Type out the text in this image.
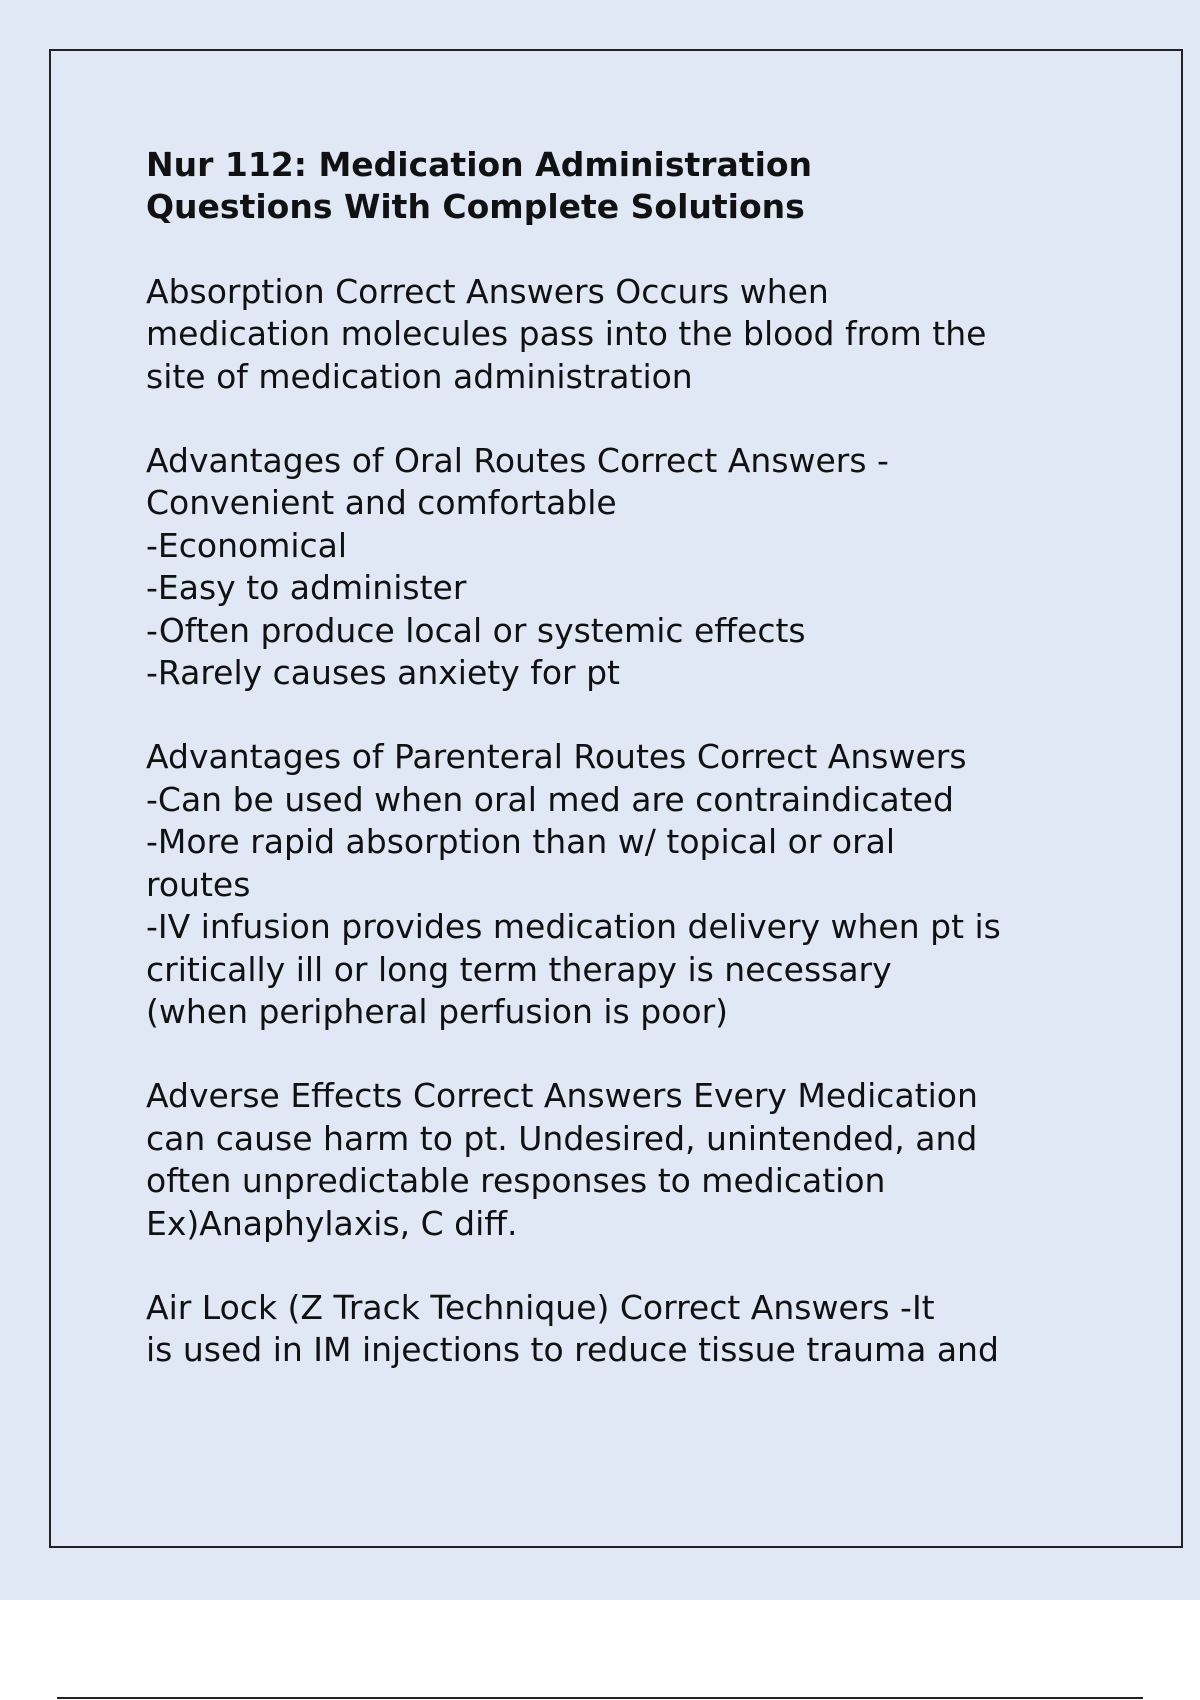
Nur 112: Medication Administration
Questions With Complete Solutions
Absorption Correct Answers Occurs when
medication molecules pass into the blood from the
site of medication administration
Advantages of Oral Routes Correct Answers -
Convenient and comfortable
-Economical
-Easy to administer
-Often produce local or systemic effects
-Rarely causes anxiety for pt
Advantages of Parenteral Routes Correct Answers
-Can be used when oral med are contraindicated
-More rapid absorption than w/ topical or oral
routes
-IV infusion provides medication delivery when pt is
critically ill or long term therapy is necessary
(when peripheral perfusion is poor)
Adverse Effects Correct Answers Every Medication
can cause harm to pt. Undesired, unintended, and
often unpredictable responses to medication
Ex)Anaphylaxis, C diff.
Air Lock (Z Track Technique) Correct Answers -It
is used in IM injections to reduce tissue trauma and
